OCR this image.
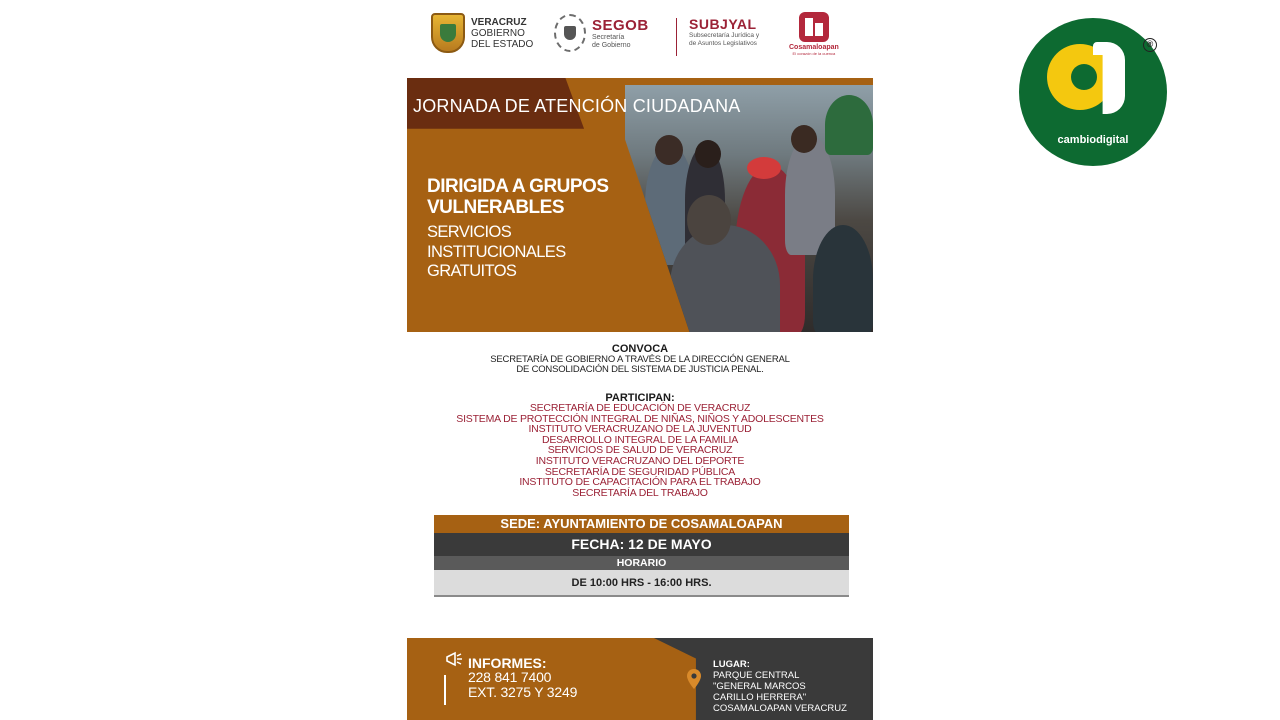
VERACRUZ
GOBIERNO
DEL ESTADO
SEGOB
Secretaría
de Gobierno
SUBJYAL
Subsecretaría Jurídica y
de Asuntos Legislativos
Cosamaloapan
El corazón de la cuenca
JORNADA DE ATENCIÓN CIUDADANA
DIRIGIDA A GRUPOS
VULNERABLES
SERVICIOS
INSTITUCIONALES
GRATUITOS
CONVOCA
SECRETARÍA DE GOBIERNO A TRAVÉS DE LA DIRECCIÓN GENERAL
DE CONSOLIDACIÓN DEL SISTEMA DE JUSTICIA PENAL.
PARTICIPAN:
SECRETARÍA DE EDUCACIÓN DE VERACRUZ
SISTEMA DE PROTECCIÓN INTEGRAL DE NIÑAS, NIÑOS Y ADOLESCENTES
INSTITUTO VERACRUZANO DE LA JUVENTUD
DESARROLLO INTEGRAL DE LA FAMILIA
SERVICIOS DE SALUD DE VERACRUZ
INSTITUTO VERACRUZANO DEL DEPORTE
SECRETARÍA DE SEGURIDAD PÚBLICA
INSTITUTO DE CAPACITACIÓN PARA EL TRABAJO
SECRETARÍA DEL TRABAJO
SEDE: AYUNTAMIENTO DE COSAMALOAPAN
FECHA: 12 DE MAYO
HORARIO
DE 10:00 HRS - 16:00 HRS.
INFORMES:
228 841 7400
EXT. 3275 Y 3249
LUGAR:
PARQUE CENTRAL
"GENERAL MARCOS
CARILLO HERRERA"
COSAMALOAPAN VERACRUZ
cambiodigital
®
